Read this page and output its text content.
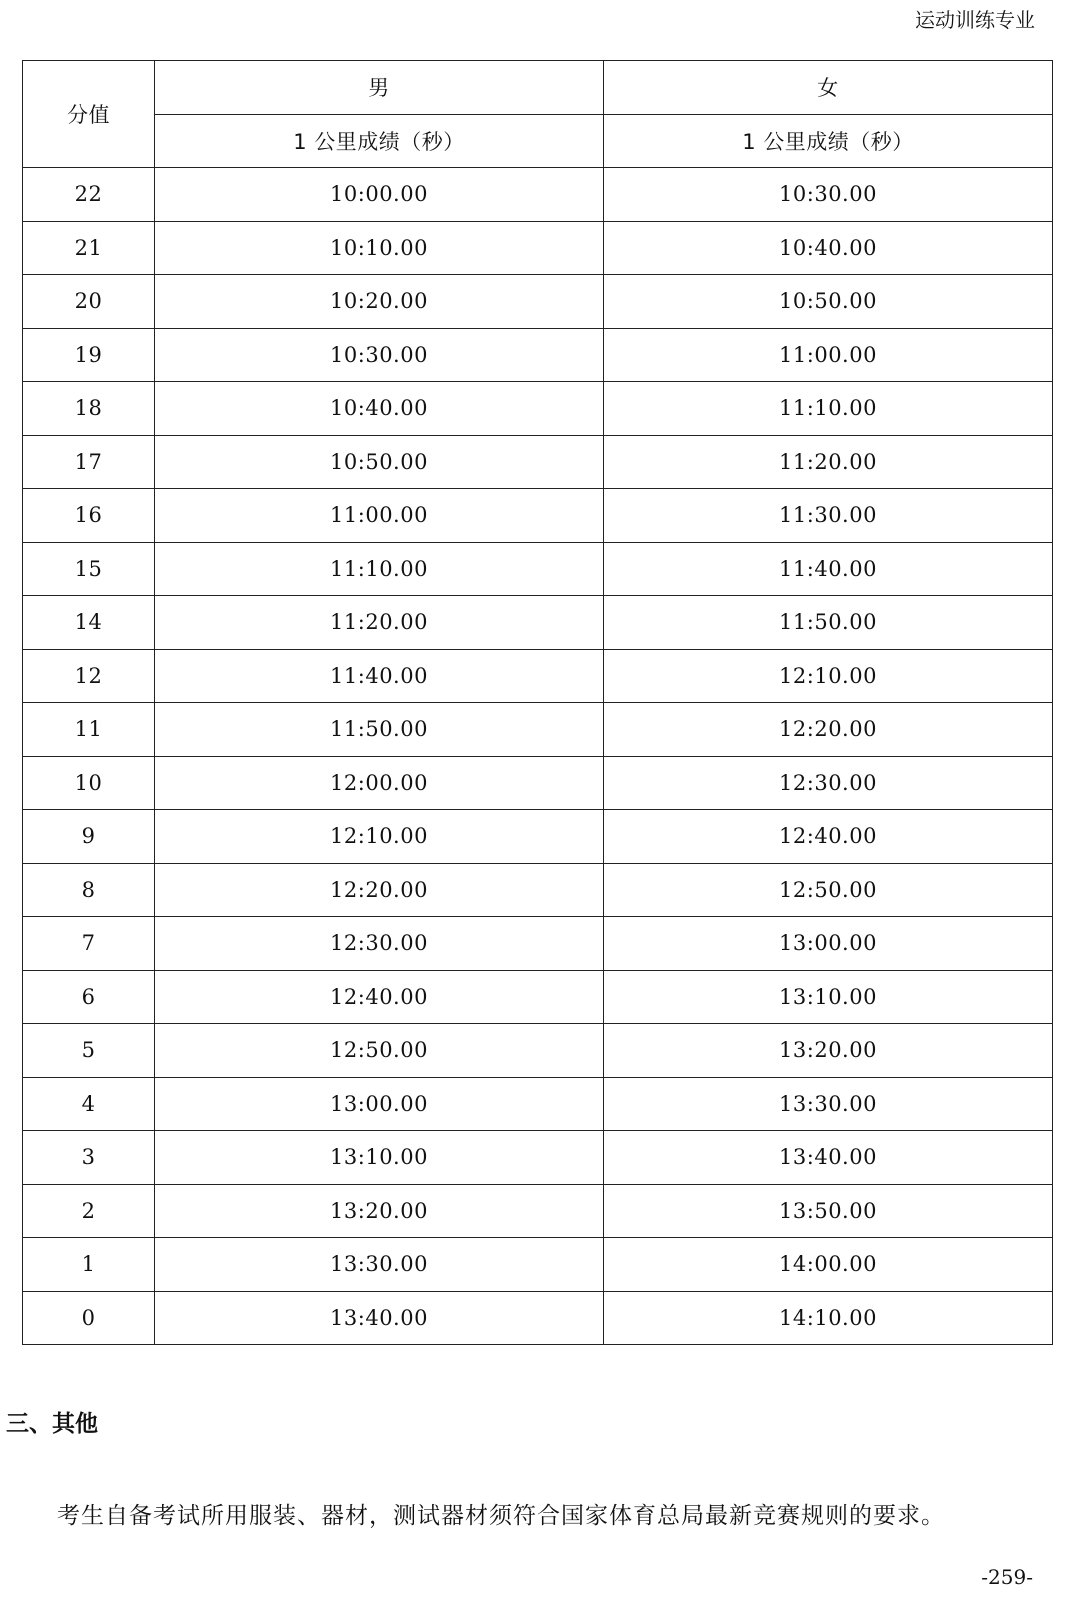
运动训练专业
分值	男	女
	1 公里成绩（秒）	1 公里成绩（秒）
22	10:00.00	10:30.00
21	10:10.00	10:40.00
20	10:20.00	10:50.00
19	10:30.00	11:00.00
18	10:40.00	11:10.00
17	10:50.00	11:20.00
16	11:00.00	11:30.00
15	11:10.00	11:40.00
14	11:20.00	11:50.00
12	11:40.00	12:10.00
11	11:50.00	12:20.00
10	12:00.00	12:30.00
9	12:10.00	12:40.00
8	12:20.00	12:50.00
7	12:30.00	13:00.00
6	12:40.00	13:10.00
5	12:50.00	13:20.00
4	13:00.00	13:30.00
3	13:10.00	13:40.00
2	13:20.00	13:50.00
1	13:30.00	14:00.00
0	13:40.00	14:10.00
三、其他
考生自备考试所用服装、器材，测试器材须符合国家体育总局最新竞赛规则的要求。
-259-
